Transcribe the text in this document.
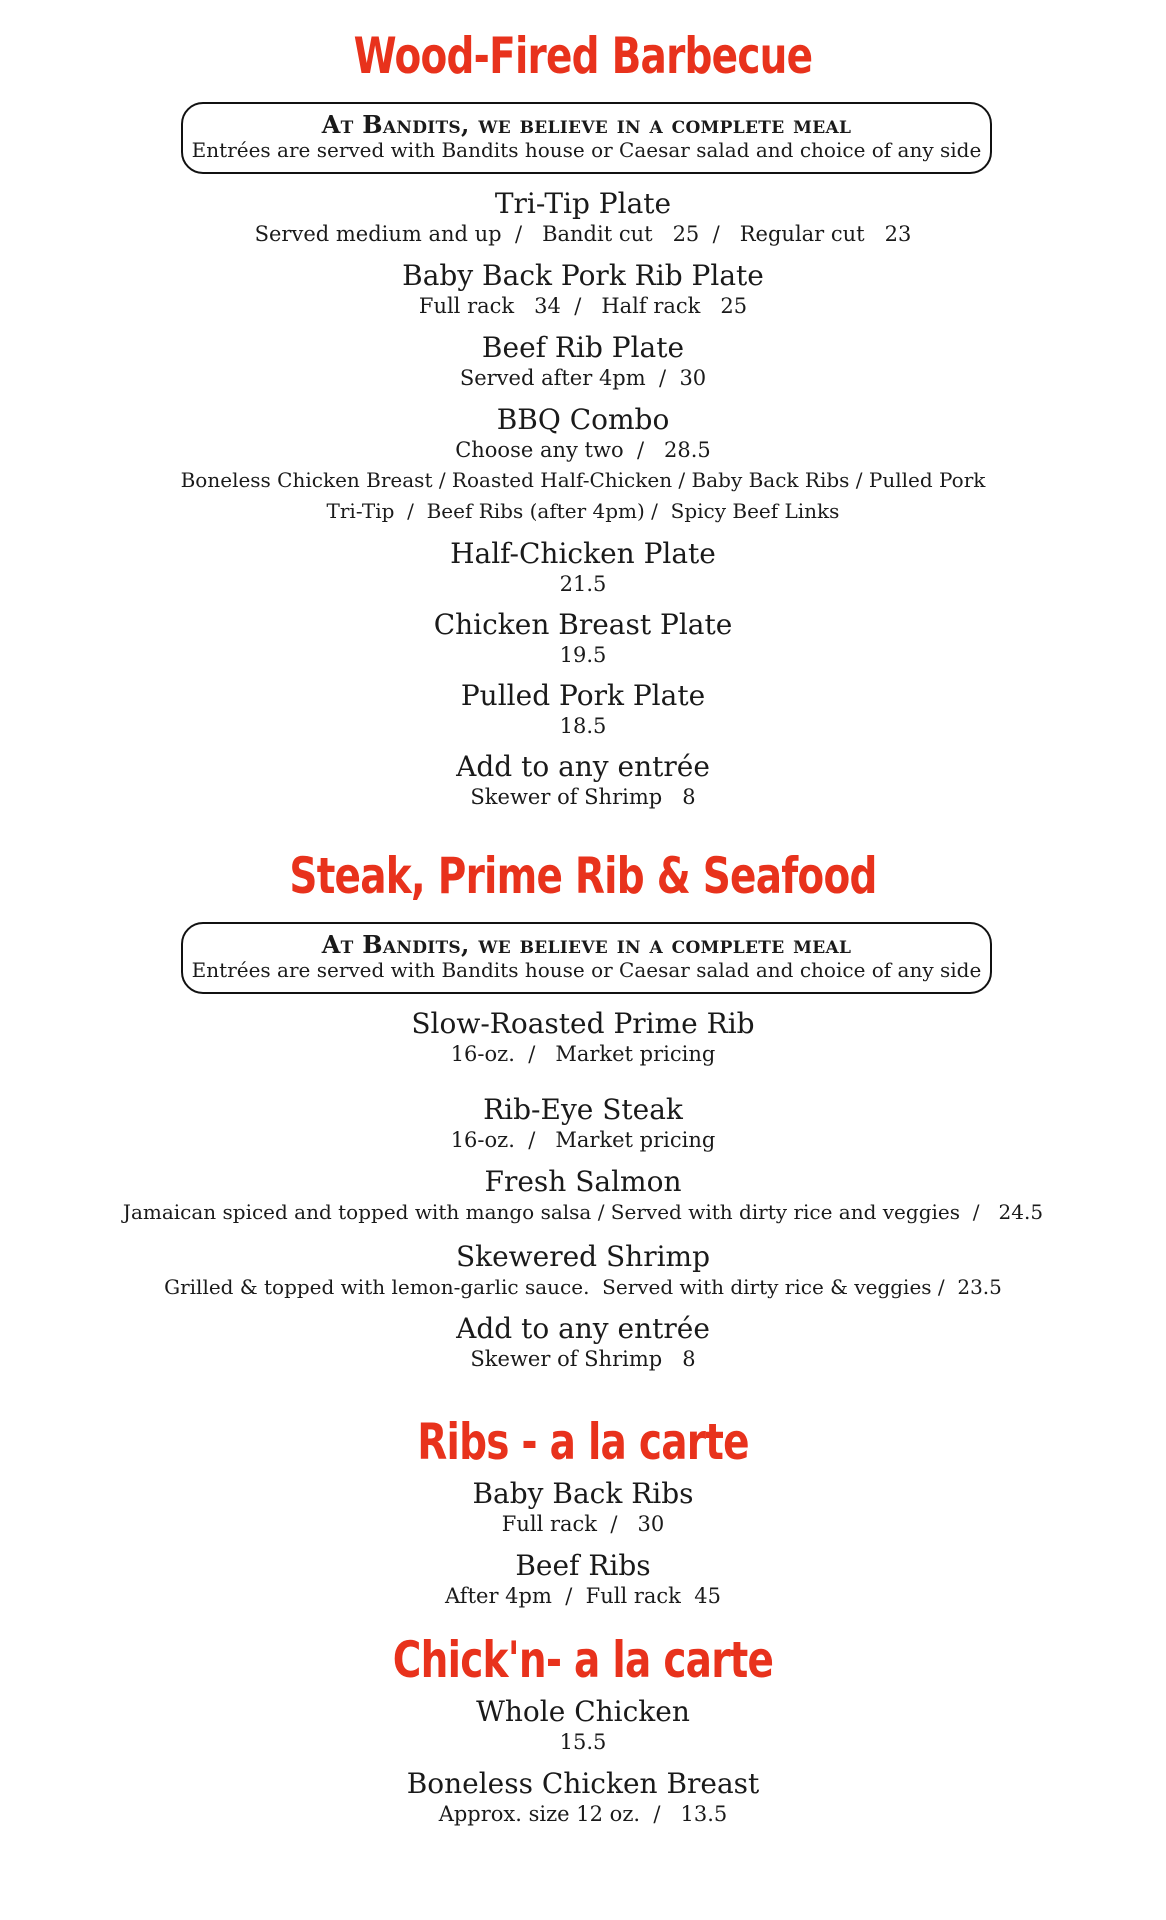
Wood-Fired Barbecue
At Bandits, we believe in a complete meal
Entrées are served with Bandits house or Caesar salad and choice of any side
Tri-Tip Plate
Served medium and up  /   Bandit cut   25  /   Regular cut   23
Baby Back Pork Rib Plate
Full rack   34  /   Half rack   25
Beef Rib Plate
Served after 4pm  /  30
BBQ Combo
Choose any two  /   28.5
Boneless Chicken Breast / Roasted Half-Chicken / Baby Back Ribs / Pulled Pork
Tri-Tip  /  Beef Ribs (after 4pm) /  Spicy Beef Links
Half-Chicken Plate
21.5
Chicken Breast Plate
19.5
Pulled Pork Plate
18.5
Add to any entrée
Skewer of Shrimp   8
Steak, Prime Rib & Seafood
At Bandits, we believe in a complete meal
Entrées are served with Bandits house or Caesar salad and choice of any side
Slow-Roasted Prime Rib
16-oz.  /   Market pricing
Rib-Eye Steak
16-oz.  /   Market pricing
Fresh Salmon
Jamaican spiced and topped with mango salsa / Served with dirty rice and veggies  /   24.5
Skewered Shrimp
Grilled & topped with lemon-garlic sauce.  Served with dirty rice & veggies /  23.5
Add to any entrée
Skewer of Shrimp   8
Ribs - a la carte
Baby Back Ribs
Full rack  /   30
Beef Ribs
After 4pm  /  Full rack  45
Chick'n- a la carte
Whole Chicken
15.5
Boneless Chicken Breast
Approx. size 12 oz.  /   13.5
